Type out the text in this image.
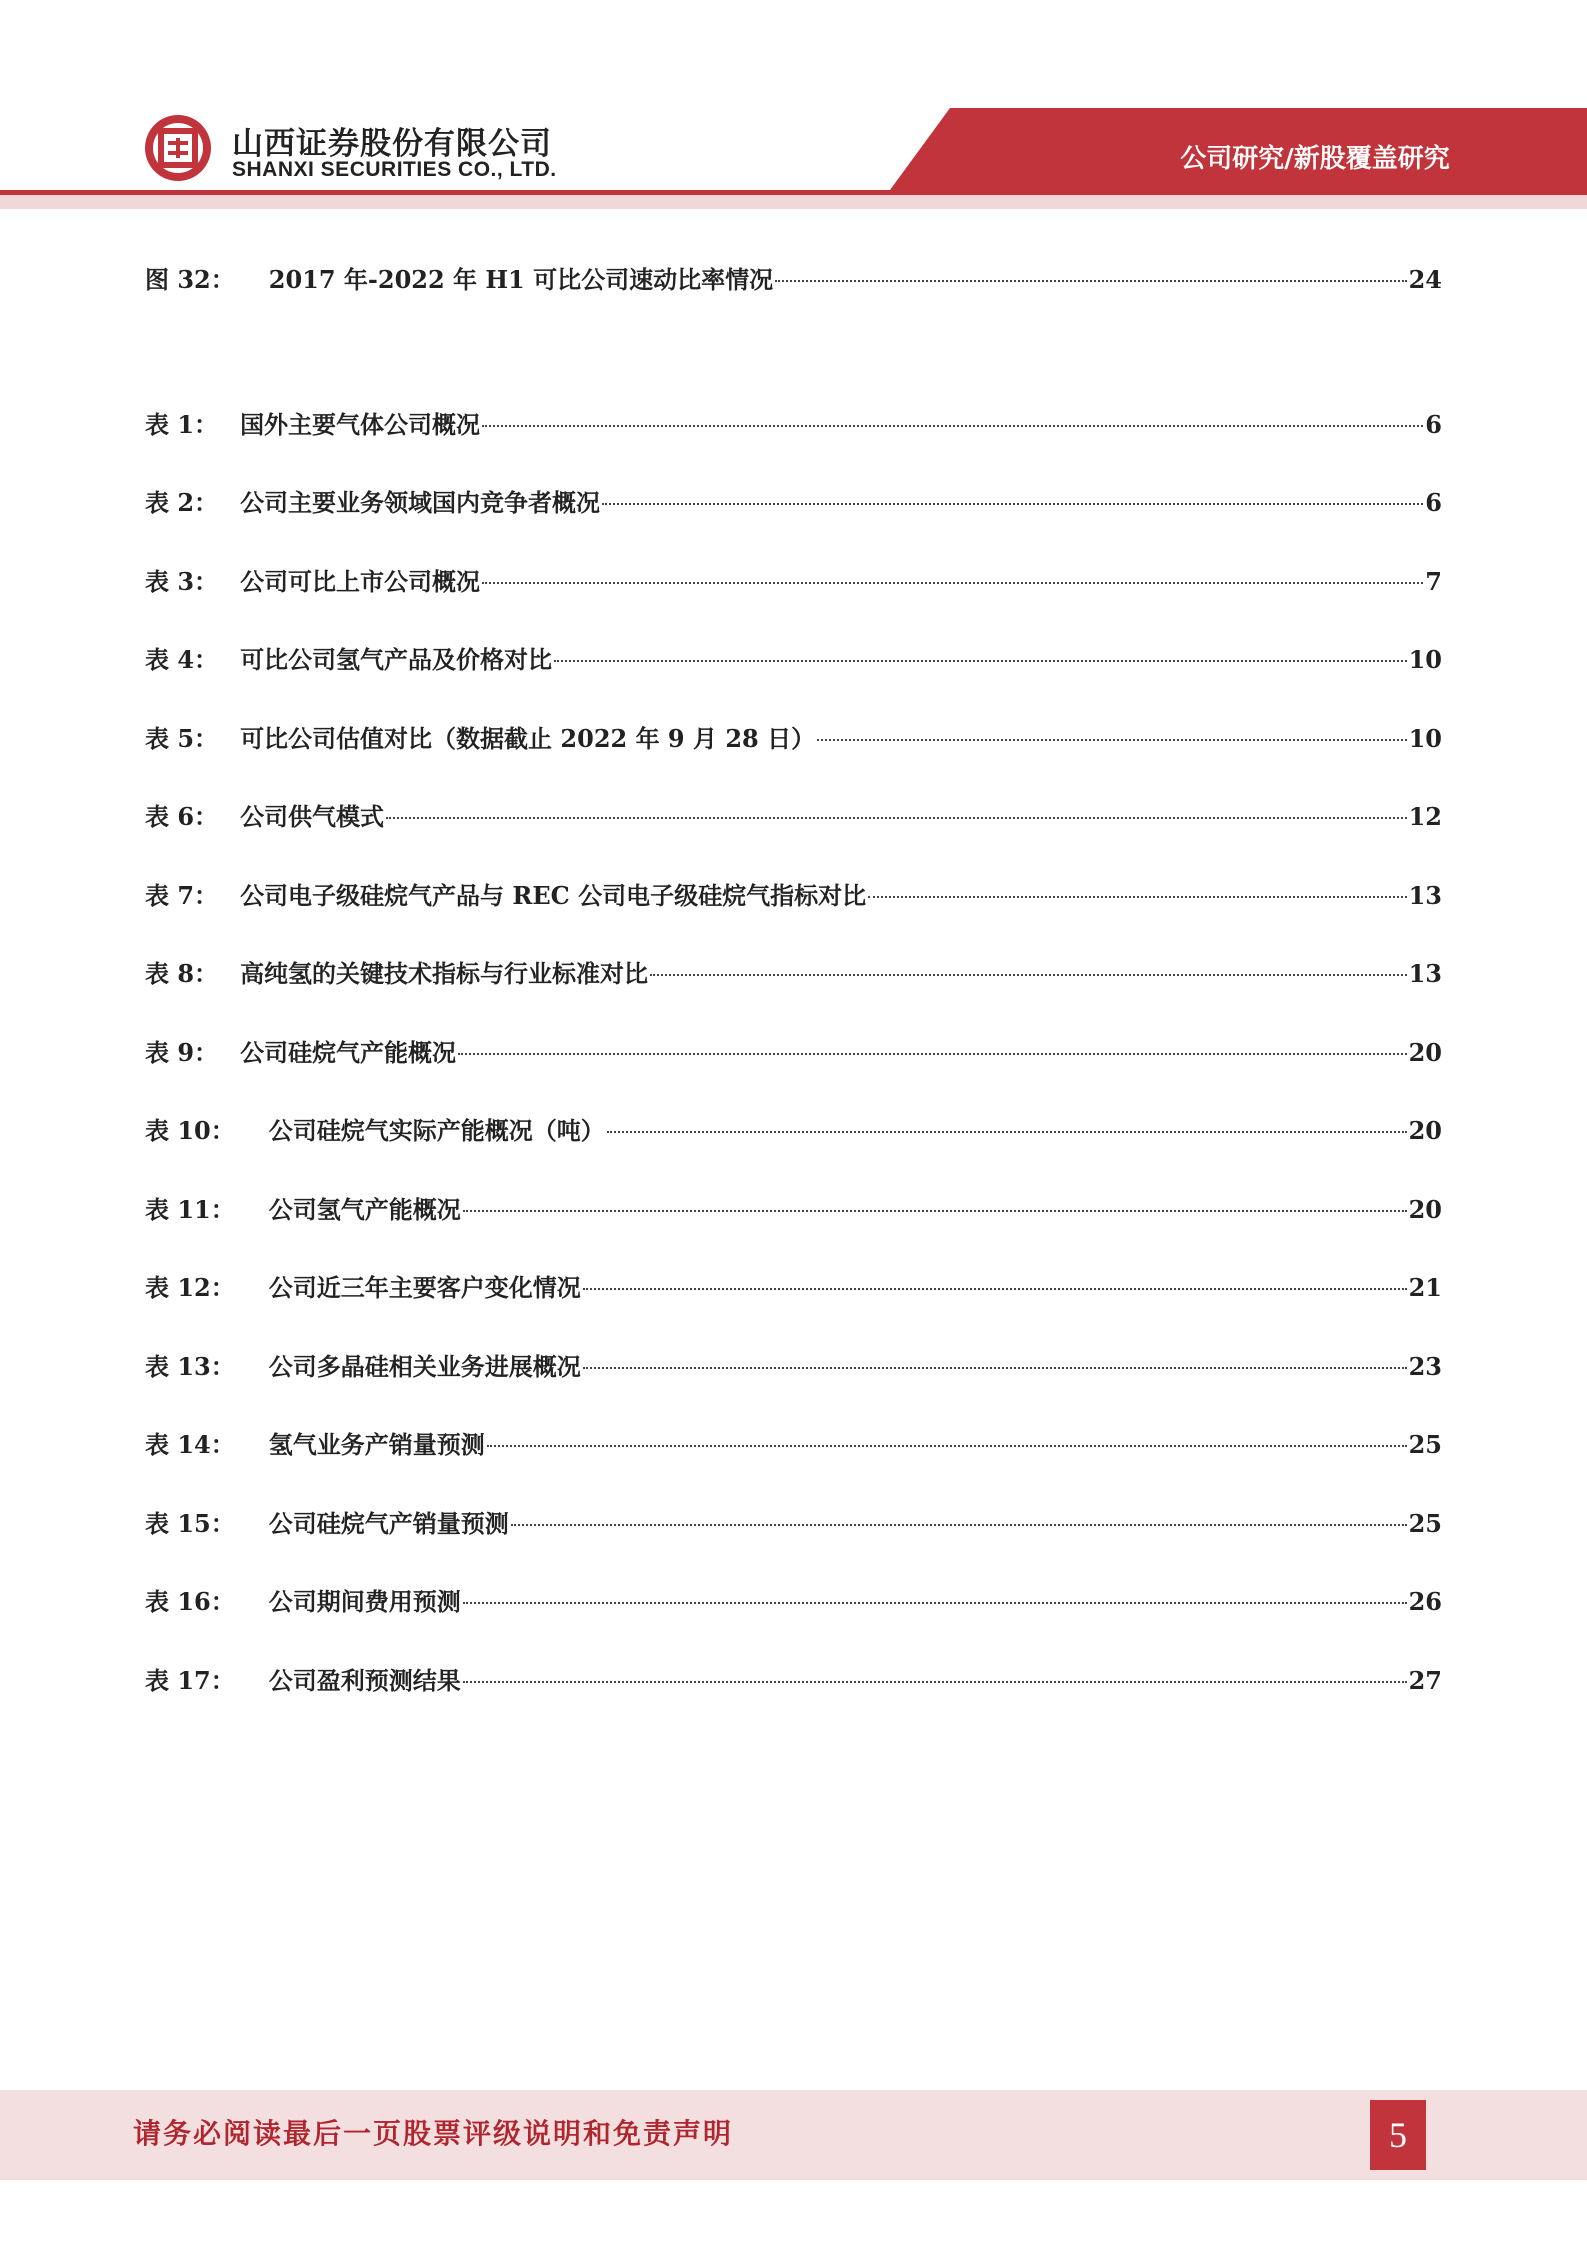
山西证券股份有限公司
SHANXI SECURITIES CO., LTD.	公司研究/新股覆盖研究
图 32： 2017 年-2022 年 H1 可比公司速动比率情况	24
表 1： 国外主要气体公司概况	6
表 2： 公司主要业务领域国内竞争者概况	6
表 3： 公司可比上市公司概况	7
表 4： 可比公司氢气产品及价格对比	10
表 5： 可比公司估值对比（数据截止 2022 年 9 月 28 日）	10
表 6： 公司供气模式	12
表 7： 公司电子级硅烷气产品与 REC 公司电子级硅烷气指标对比	13
表 8： 高纯氢的关键技术指标与行业标准对比	13
表 9： 公司硅烷气产能概况	20
表 10： 公司硅烷气实际产能概况（吨）	20
表 11： 公司氢气产能概况	20
表 12： 公司近三年主要客户变化情况	21
表 13： 公司多晶硅相关业务进展概况	23
表 14： 氢气业务产销量预测	25
表 15： 公司硅烷气产销量预测	25
表 16： 公司期间费用预测	26
表 17： 公司盈利预测结果	27
请务必阅读最后一页股票评级说明和免责声明	5
